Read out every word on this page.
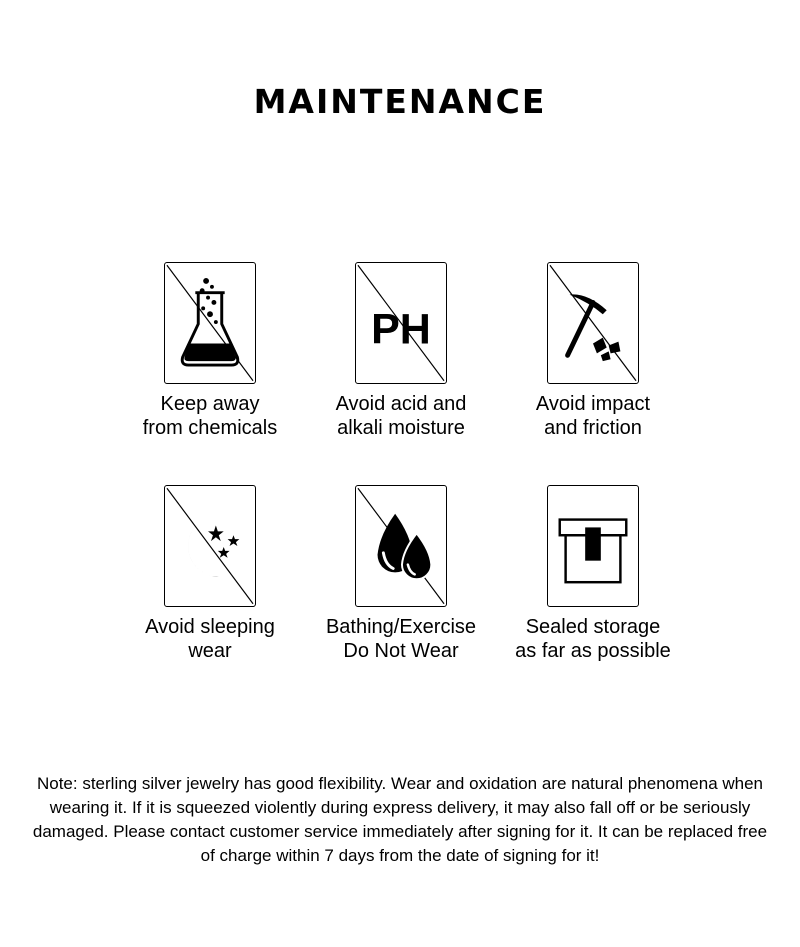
MAINTENANCE
Keep away
from chemicals
PH
Avoid acid and
alkali moisture
Avoid impact
and friction
Avoid sleeping
wear
Bathing/Exercise
Do Not Wear
Sealed storage
as far as possible
Note: sterling silver jewelry has good flexibility. Wear and oxidation are natural phenomena when wearing it. If it is squeezed violently during express delivery, it may also fall off or be seriously damaged. Please contact customer service immediately after signing for it. It can be replaced free of charge within 7 days from the date of signing for it!
